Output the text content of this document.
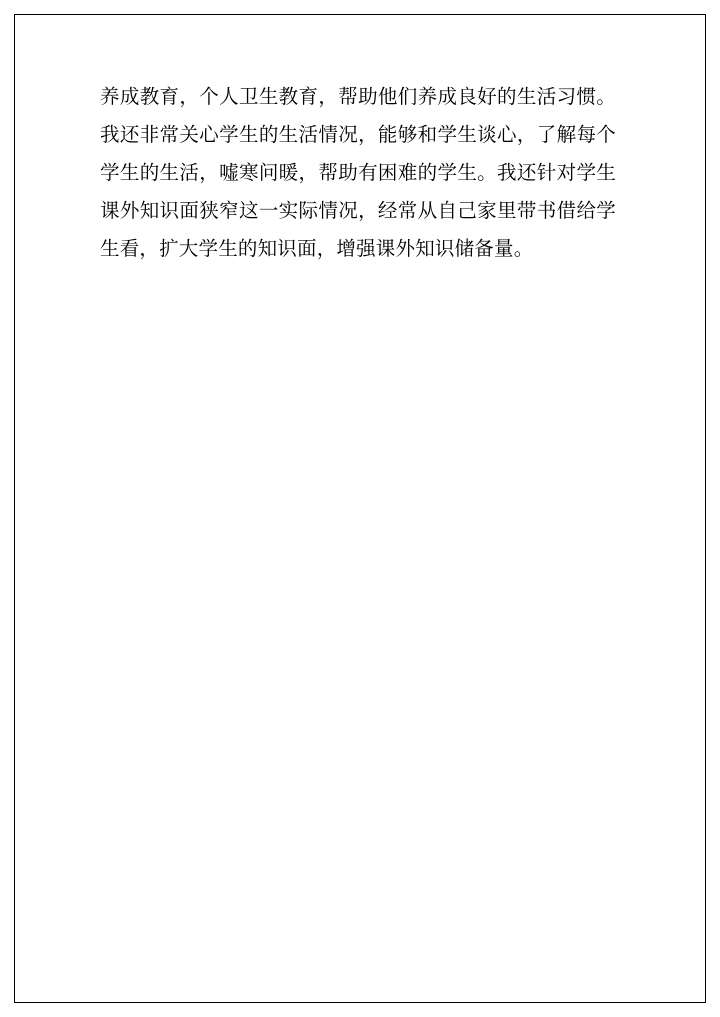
养成教育，个人卫生教育，帮助他们养成良好的生活习惯。我还非常关心学生的生活情况，能够和学生谈心，了解每个学生的生活，嘘寒问暖，帮助有困难的学生。我还针对学生课外知识面狭窄这一实际情况，经常从自己家里带书借给学生看，扩大学生的知识面，增强课外知识储备量。
